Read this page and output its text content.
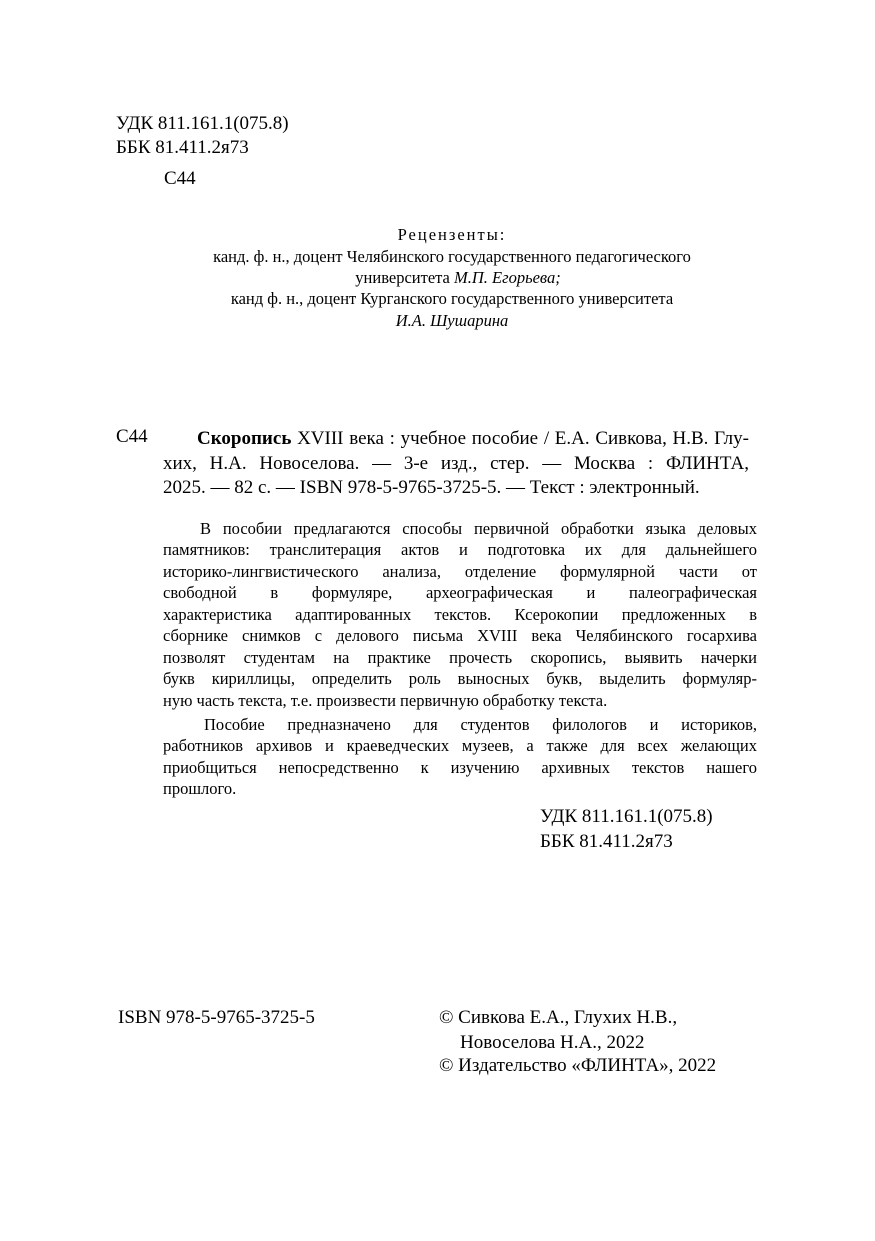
УДК 811.161.1(075.8)
ББК 81.411.2я73
С44
Рецензенты:
канд. ф. н., доцент Челябинского государственного педагогического
университета М.П. Егорьева;
канд ф. н., доцент Курганского государственного университета
И.А. Шушарина
С44	Скоропись XVIII века : учебное пособие / Е.А. Сивкова, Н.В. Глу-
хих, Н.А. Новоселова. — 3-е изд., стер. — Москва : ФЛИНТА,
2025. — 82 с. — ISBN 978-5-9765-3725-5. — Текст : электронный.
В пособии предлагаются способы первичной обработки языка деловых
памятников: транслитерация актов и подготовка их для дальнейшего
историко-лингвистического анализа, отделение формулярной части от
свободной в формуляре, археографическая и палеографическая
характеристика адаптированных текстов. Ксерокопии предложенных в
сборнике снимков с делового письма XVIII века Челябинского госархива
позволят студентам на практике прочесть скоропись, выявить начерки
букв кириллицы, определить роль выносных букв, выделить формуляр-
ную часть текста, т.е. произвести первичную обработку текста.
Пособие предназначено для студентов филологов и историков,
работников архивов и краеведческих музеев, а также для всех желающих
приобщиться непосредственно к изучению архивных текстов нашего
прошлого.
УДК 811.161.1(075.8)
ББК 81.411.2я73
ISBN 978-5-9765-3725-5	© Сивкова Е.А., Глухих Н.В.,
Новоселова Н.А., 2022
© Издательство «ФЛИНТА», 2022
